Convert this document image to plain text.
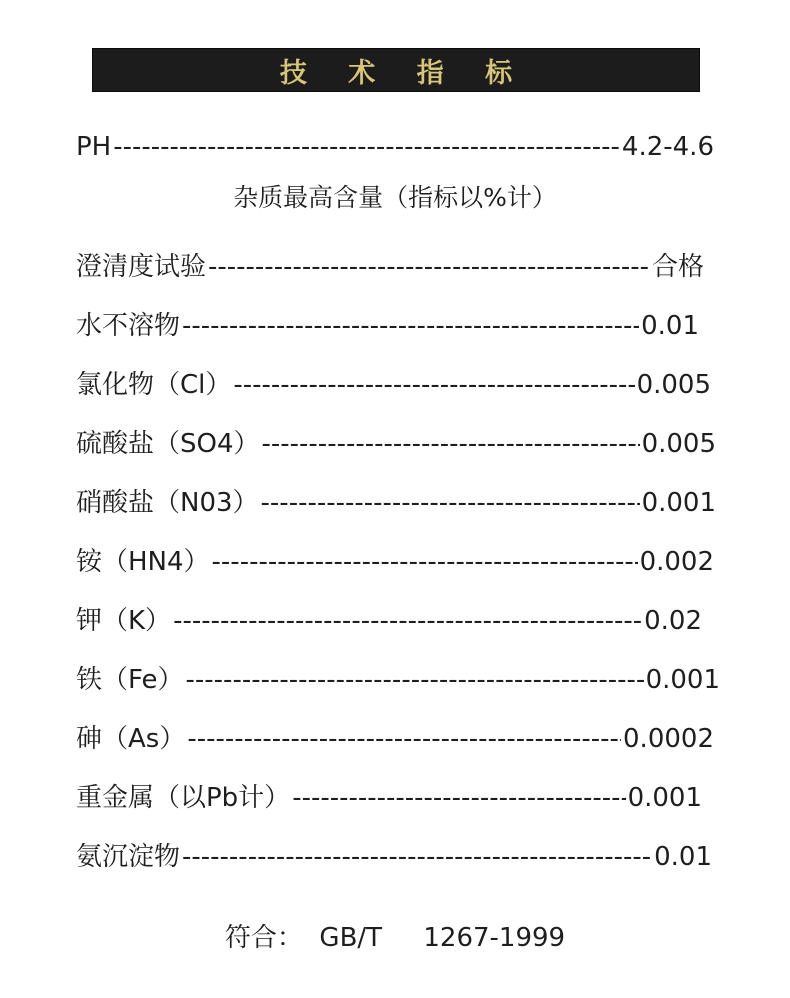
技 术 指 标
PH -----	4.2-4.6
杂质最高含量（指标以%计）
澄清度试验 -----	合格
水不溶物 -----	0.01
氯化物（Cl） -----	0.005
硫酸盐（SO4） -----	0.005
硝酸盐（N03） -----	0.001
铵（HN4） -----	0.002
钾（K） -----	0.02
铁（Fe） -----	0.001
砷（As） -----	0.0002
重金属（以Pb计） -----	0.001
氨沉淀物 -----	0.01
符合：  GB/T     1267-1999
